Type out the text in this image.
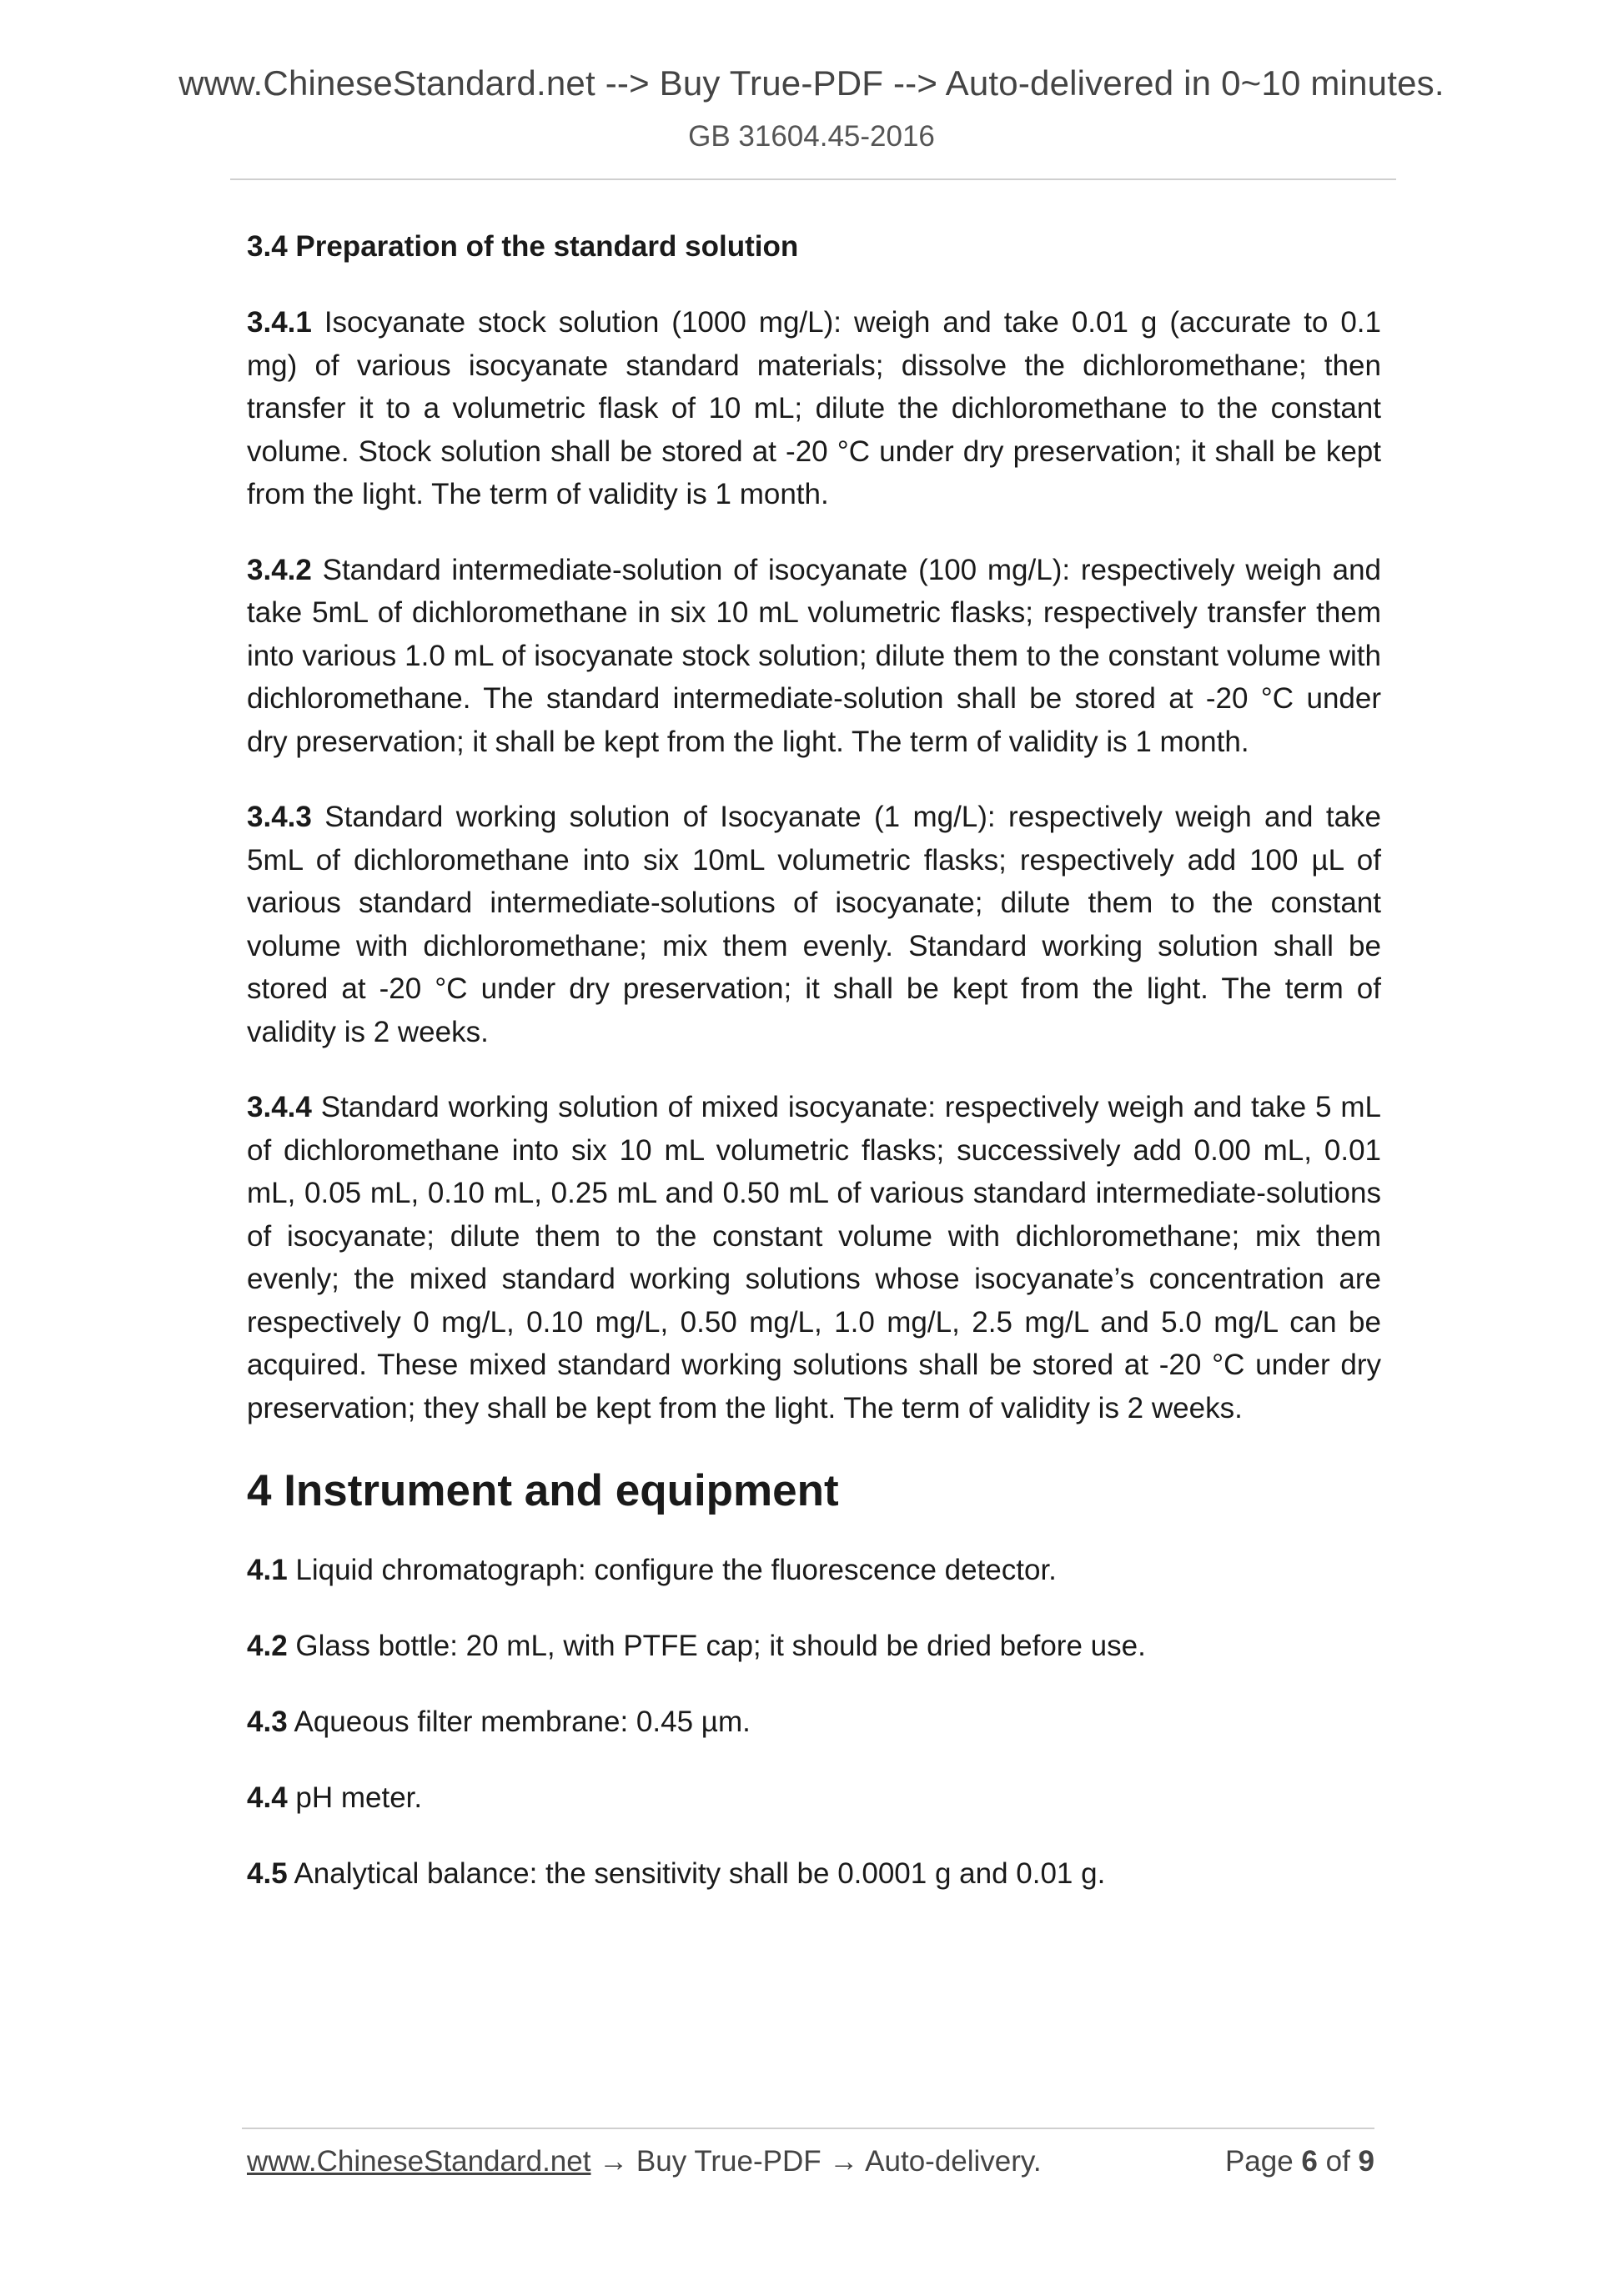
www.ChineseStandard.net --> Buy True-PDF --> Auto-delivered in 0~10 minutes.
GB 31604.45-2016
3.4 Preparation of the standard solution

3.4.1 Isocyanate stock solution (1000 mg/L): weigh and take 0.01 g (accurate to 0.1 mg) of various isocyanate standard materials; dissolve the dichloromethane; then transfer it to a volumetric flask of 10 mL; dilute the dichloromethane to the constant volume. Stock solution shall be stored at -20 °C under dry preservation; it shall be kept from the light. The term of validity is 1 month.

3.4.2 Standard intermediate-solution of isocyanate (100 mg/L): respectively weigh and take 5mL of dichloromethane in six 10 mL volumetric flasks; respectively transfer them into various 1.0 mL of isocyanate stock solution; dilute them to the constant volume with dichloromethane. The standard intermediate-solution shall be stored at -20 °C under dry preservation; it shall be kept from the light. The term of validity is 1 month.

3.4.3 Standard working solution of Isocyanate (1 mg/L): respectively weigh and take 5mL of dichloromethane into six 10mL volumetric flasks; respectively add 100 µL of various standard intermediate-solutions of isocyanate; dilute them to the constant volume with dichloromethane; mix them evenly. Standard working solution shall be stored at -20 °C under dry preservation; it shall be kept from the light. The term of validity is 2 weeks.

3.4.4 Standard working solution of mixed isocyanate: respectively weigh and take 5 mL of dichloromethane into six 10 mL volumetric flasks; successively add 0.00 mL, 0.01 mL, 0.05 mL, 0.10 mL, 0.25 mL and 0.50 mL of various standard intermediate-solutions of isocyanate; dilute them to the constant volume with dichloromethane; mix them evenly; the mixed standard working solutions whose isocyanate’s concentration are respectively 0 mg/L, 0.10 mg/L, 0.50 mg/L, 1.0 mg/L, 2.5 mg/L and 5.0 mg/L can be acquired. These mixed standard working solutions shall be stored at -20 °C under dry preservation; they shall be kept from the light. The term of validity is 2 weeks.

4 Instrument and equipment
4.1 Liquid chromatograph: configure the fluorescence detector.
4.2 Glass bottle: 20 mL, with PTFE cap; it should be dried before use.
4.3 Aqueous filter membrane: 0.45 µm.
4.4 pH meter.
4.5 Analytical balance: the sensitivity shall be 0.0001 g and 0.01 g.
www.ChineseStandard.net → Buy True-PDF → Auto-delivery.	Page 6 of 9
